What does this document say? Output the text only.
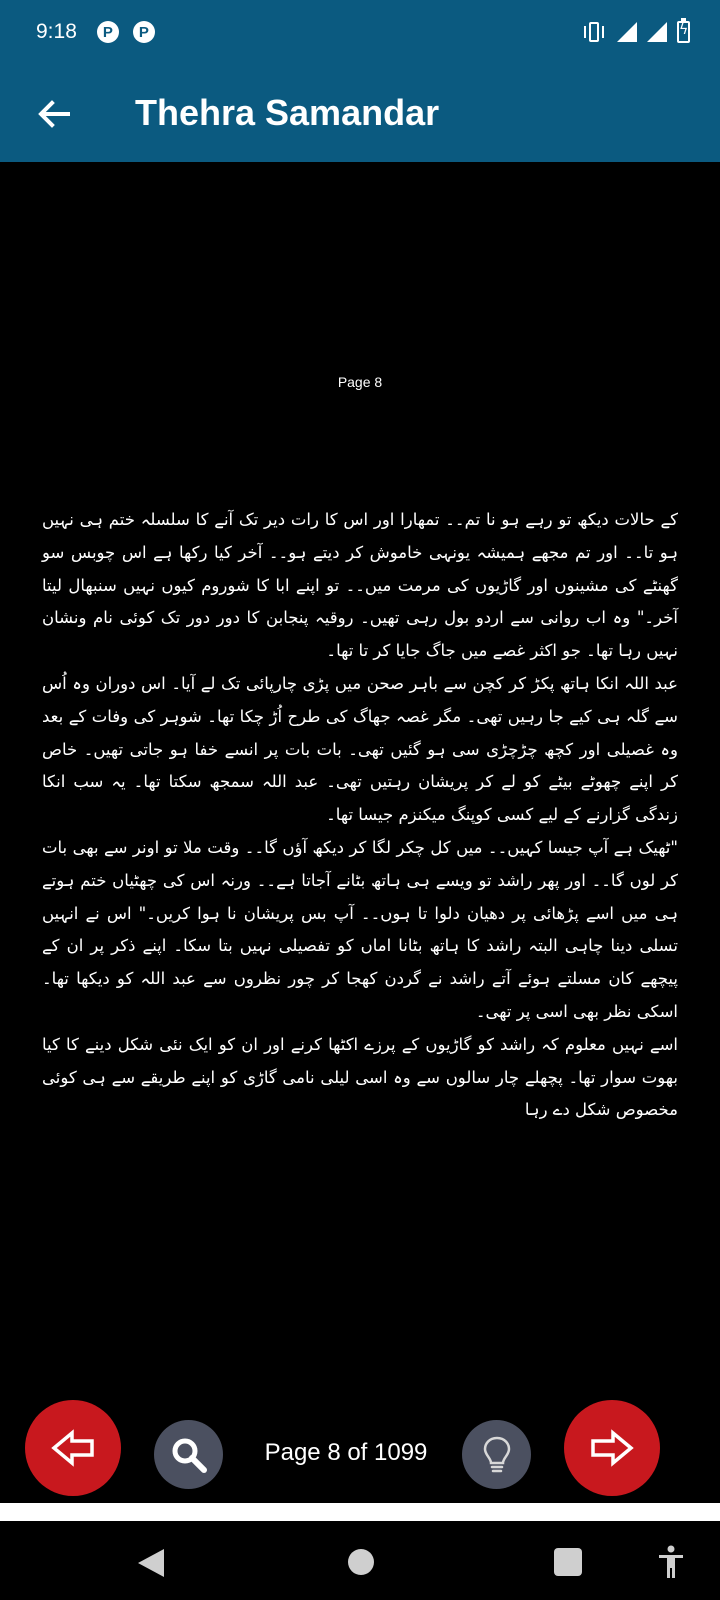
9:18	P	P
ϟ
Thehra Samandar
Page 8

کے حالات دیکھ تو رہے ہو نا تم۔۔ تمھارا اور اس کا رات دیر تک آنے کا سلسلہ ختم ہی نہیں ہو تا۔۔ اور تم مجھے ہمیشہ یونہی خاموش کر دیتے ہو۔۔ آخر کیا رکھا ہے اس چوبس سو گھنٹے کی مشینوں اور گاڑیوں کی مرمت میں۔۔ تو اپنے ابا کا شوروم کیوں نہیں سنبھال لیتا آخر۔" وہ اب روانی سے اردو بول رہی تھیں۔ روقیہ پنجابن کا دور دور تک کوئی نام ونشان نہیں رہا تھا۔ جو اکثر غصے میں جاگ جایا کر تا تھا۔

عبد اللہ انکا ہاتھ پکڑ کر کچن سے باہر صحن میں پڑی چارپائی تک لے آیا۔ اس دوران وہ اُس سے گلہ ہی کیے جا رہیں تھی۔ مگر غصہ جھاگ کی طرح اُڑ چکا تھا۔ شوہر کی وفات کے بعد وہ غصیلی اور کچھ چڑچڑی سی ہو گئیں تھی۔ بات بات پر انسے خفا ہو جاتی تھیں۔ خاص کر اپنے چھوٹے بیٹے کو لے کر پریشان رہتیں تھی۔ عبد اللہ سمجھ سکتا تھا۔ یہ سب انکا زندگی گزارنے کے لیے کسی کوپنگ میکنزم جیسا تھا۔

"ٹھیک ہے آپ جیسا کہیں۔۔ میں کل چکر لگا کر دیکھ آؤں گا۔۔ وقت ملا تو اونر سے بھی بات کر لوں گا۔۔ اور پھر راشد تو ویسے ہی ہاتھ بٹانے آجاتا ہے۔۔ ورنہ اس کی چھٹیاں ختم ہوتے ہی میں اسے پڑھائی پر دھیان دلوا تا ہوں۔۔ آپ بس پریشان نا ہوا کریں۔" اس نے انہیں تسلی دینا چاہی البتہ راشد کا ہاتھ بٹانا اماں کو تفصیلی نہیں بتا سکا۔ اپنے ذکر پر ان کے پیچھے کان مسلتے ہوئے آتے راشد نے گردن کھجا کر چور نظروں سے عبد اللہ کو دیکھا تھا۔ اسکی نظر بھی اسی پر تھی۔

اسے نہیں معلوم کہ راشد کو گاڑیوں کے پرزے اکٹھا کرنے اور ان کو ایک نئی شکل دینے کا کیا بھوت سوار تھا۔ پچھلے چار سالوں سے وہ اسی لیلی نامی گاڑی کو اپنے طریقے سے ہی کوئی مخصوص شکل دے رہا

Page 8 of 1099
